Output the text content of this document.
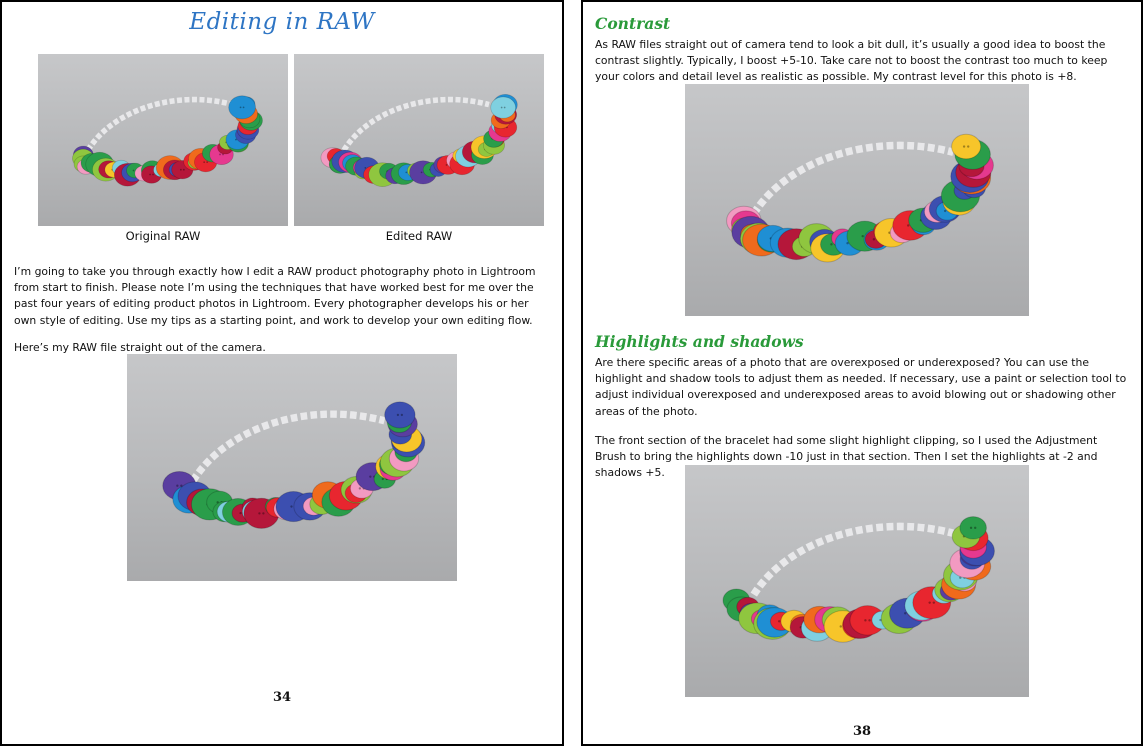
Editing in RAW
Original RAW	Edited RAW
I’m going to take you through exactly how I edit a RAW product photography photo in Lightroom from start to finish. Please note I’m using the techniques that have worked best for me over the past four years of editing product photos in Lightroom. Every photographer develops his or her own style of editing. Use my tips as a starting point, and work to develop your own editing flow.
Here’s my RAW file straight out of the camera.
34
Contrast
As RAW files straight out of camera tend to look a bit dull, it’s usually a good idea to boost the contrast slightly. Typically, I boost +5-10. Take care not to boost the contrast too much to keep your colors and detail level as realistic as possible. My contrast level for this photo is +8.
Highlights and shadows
Are there specific areas of a photo that are overexposed or underexposed? You can use the highlight and shadow tools to adjust them as needed. If necessary, use a paint or selection tool to adjust individual overexposed and underexposed areas to avoid blowing out or shadowing other areas of the photo.
The front section of the bracelet had some slight highlight clipping, so I used the Adjustment Brush to bring the highlights down -10 just in that section. Then I set the highlights at -2 and shadows +5.
38
